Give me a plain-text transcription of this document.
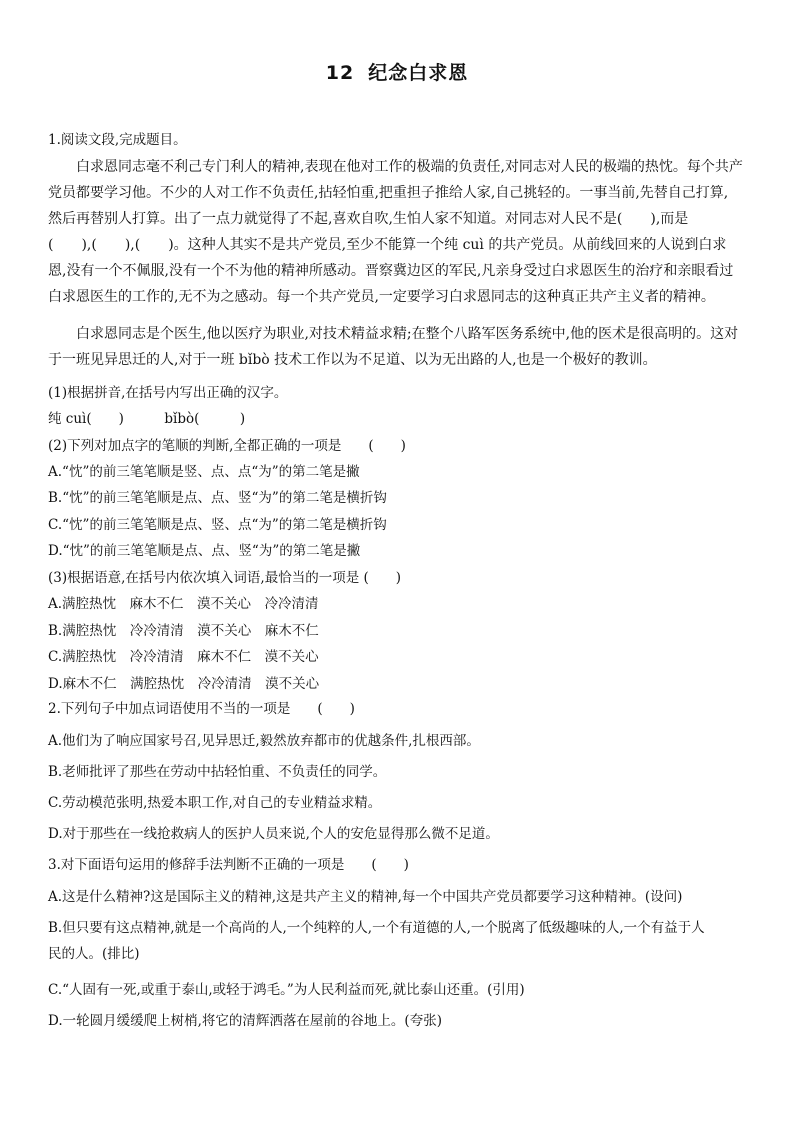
12 纪念白求恩
1.阅读文段,完成题目。
白求恩同志毫不利己专门利人的精神,表现在他对工作的极端的负责任,对同志对人民的极端的热忱。每个共产
党员都要学习他。不少的人对工作不负责任,拈轻怕重,把重担子推给人家,自己挑轻的。一事当前,先替自己打算,
然后再替别人打算。出了一点力就觉得了不起,喜欢自吹,生怕人家不知道。对同志对人民不是(　　),而是
(　　),(　　),(　　)。这种人其实不是共产党员,至少不能算一个纯 cuì 的共产党员。从前线回来的人说到白求
恩,没有一个不佩服,没有一个不为他的精神所感动。晋察冀边区的军民,凡亲身受过白求恩医生的治疗和亲眼看过
白求恩医生的工作的,无不为之感动。每一个共产党员,一定要学习白求恩同志的这种真正共产主义者的精神。
白求恩同志是个医生,他以医疗为职业,对技术精益求精;在整个八路军医务系统中,他的医术是很高明的。这对
于一班见异思迁的人,对于一班 bǐbò 技术工作以为不足道、以为无出路的人,也是一个极好的教训。
(1)根据拼音,在括号内写出正确的汉字。
纯 cuì(　　)　　　bǐbò(　　　)
(2)下列对加点字的笔顺的判断,全都正确的一项是　　(　　)
A.“忱”的前三笔笔顺是竖、点、点“为”的第二笔是撇
B.“忱”的前三笔笔顺是点、点、竖“为”的第二笔是横折钩
C.“忱”的前三笔笔顺是点、竖、点“为”的第二笔是横折钩
D.“忱”的前三笔笔顺是点、点、竖“为”的第二笔是撇
(3)根据语意,在括号内依次填入词语,最恰当的一项是 (　　)
A.满腔热忱　麻木不仁　漠不关心　冷冷清清
B.满腔热忱　冷冷清清　漠不关心　麻木不仁
C.满腔热忱　冷冷清清　麻木不仁　漠不关心
D.麻木不仁　满腔热忱　冷冷清清　漠不关心
2.下列句子中加点词语使用不当的一项是　　(　　)
A.他们为了响应国家号召,见异思迁,毅然放弃都市的优越条件,扎根西部。
B.老师批评了那些在劳动中拈轻怕重、不负责任的同学。
C.劳动模范张明,热爱本职工作,对自己的专业精益求精。
D.对于那些在一线抢救病人的医护人员来说,个人的安危显得那么微不足道。
3.对下面语句运用的修辞手法判断不正确的一项是　　(　　)
A.这是什么精神?这是国际主义的精神,这是共产主义的精神,每一个中国共产党员都要学习这种精神。(设问)
B.但只要有这点精神,就是一个高尚的人,一个纯粹的人,一个有道德的人,一个脱离了低级趣味的人,一个有益于人
民的人。(排比)
C.“人固有一死,或重于泰山,或轻于鸿毛。”为人民利益而死,就比泰山还重。(引用)
D.一轮圆月缓缓爬上树梢,将它的清辉洒落在屋前的谷地上。(夸张)
